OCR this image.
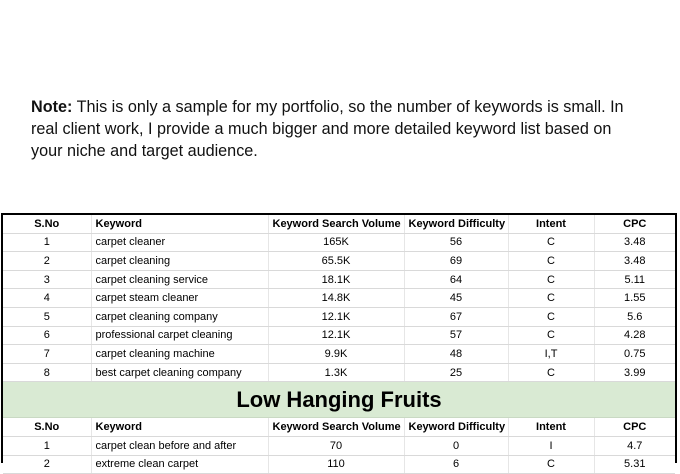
Note: This is only a sample for my portfolio, so the number of keywords is small. In real client work, I provide a much bigger and more detailed keyword list based on your niche and target audience.
S.No	Keyword	Keyword Search Volume	Keyword Difficulty	Intent	CPC
1	carpet cleaner	165K	56	C	3.48
2	carpet cleaning	65.5K	69	C	3.48
3	carpet cleaning service	18.1K	64	C	5.11
4	carpet steam cleaner	14.8K	45	C	1.55
5	carpet cleaning company	12.1K	67	C	5.6
6	professional carpet cleaning	12.1K	57	C	4.28
7	carpet cleaning machine	9.9K	48	I,T	0.75
8	best carpet cleaning company	1.3K	25	C	3.99
Low Hanging Fruits					
S.No	Keyword	Keyword Search Volume	Keyword Difficulty	Intent	CPC
1	carpet clean before and after	70	0	I	4.7
2	extreme clean carpet	110	6	C	5.31
